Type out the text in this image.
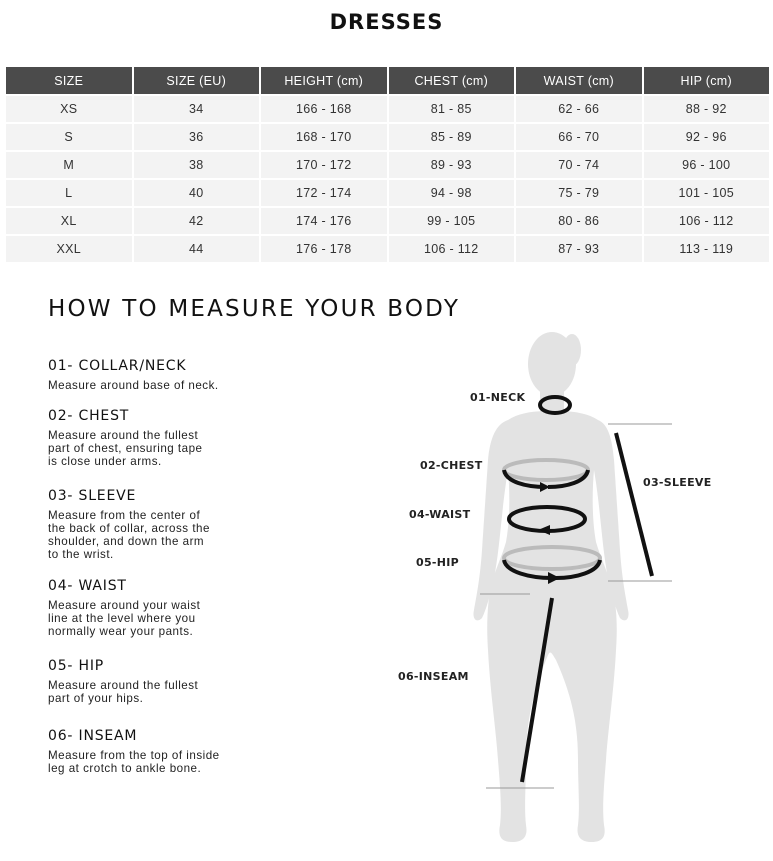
DRESSES
SIZE	SIZE (EU)	HEIGHT (cm)	CHEST (cm)	WAIST (cm)	HIP (cm)
XS	34	166 - 168	81 - 85	62 - 66	88 - 92
S	36	168 - 170	85 - 89	66 - 70	92 - 96
M	38	170 - 172	89 - 93	70 - 74	96 - 100
L	40	172 - 174	94 - 98	75 - 79	101 - 105
XL	42	174 - 176	99 - 105	80 - 86	106 - 112
XXL	44	176 - 178	106 - 112	87 - 93	113 - 119
HOW TO MEASURE YOUR BODY
01- COLLAR/NECK
Measure around base of neck.
02- CHEST
Measure around the fullest
part of chest, ensuring tape
is close under arms.
03- SLEEVE
Measure from the center of
the back of collar, across the
shoulder, and down the arm
to the wrist.
04- WAIST
Measure around your waist
line at the level where you
normally wear your pants.
05- HIP
Measure around the fullest
part of your hips.
06- INSEAM
Measure from the top of inside
leg at crotch to ankle bone.
01-NECK
02-CHEST
03-SLEEVE
04-WAIST
05-HIP
06-INSEAM
